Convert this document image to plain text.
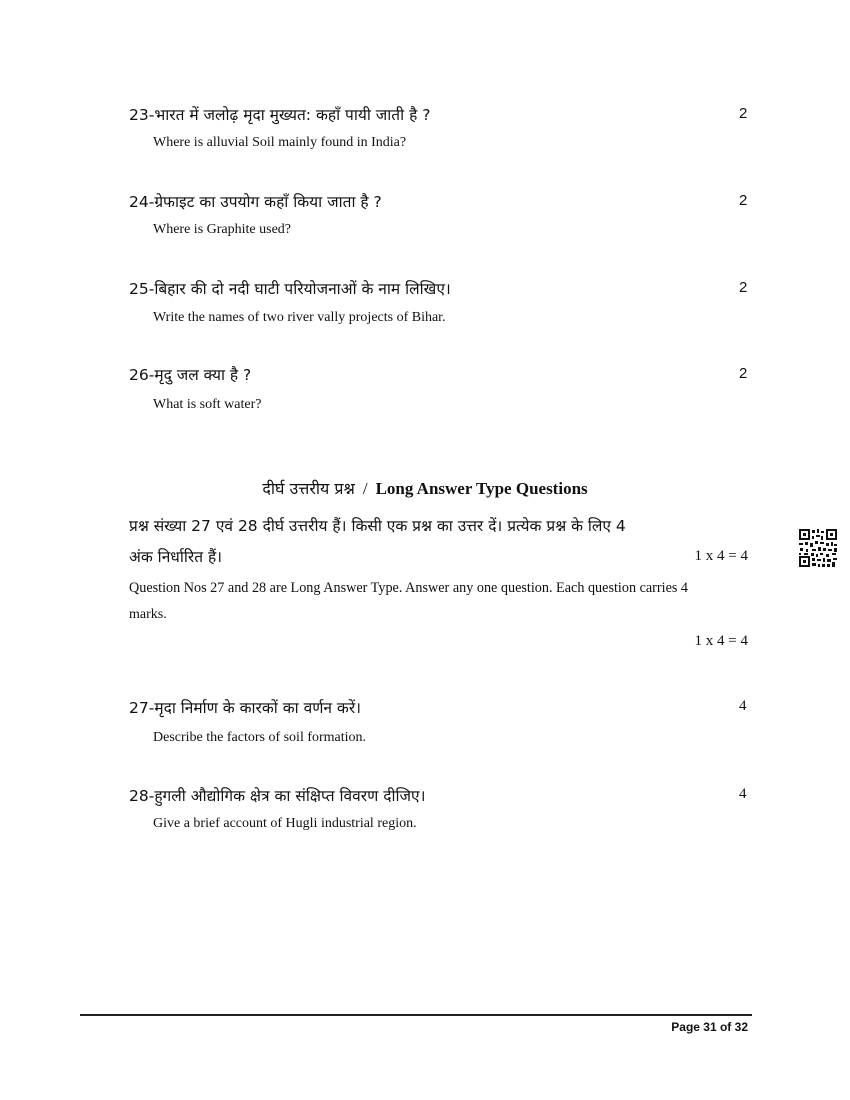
23-भारत में जलोढ़ मृदा मुख्यत: कहाँ पायी जाती है ?	2
Where is alluvial Soil mainly found in India?
24-ग्रेफाइट का उपयोग कहाँ किया जाता है ?	2
Where is Graphite used?
25-बिहार की दो नदी घाटी परियोजनाओं के नाम लिखिए।	2
Write the names of two river vally projects of Bihar.
26-मृदु जल क्या है ?	2
What is soft water?
दीर्घ उत्तरीय प्रश्न / Long Answer Type Questions
प्रश्न संख्या 27 एवं 28 दीर्घ उत्तरीय हैं। किसी एक प्रश्न का उत्तर दें। प्रत्येक प्रश्न के लिए 4
अंक निर्धारित हैं।	1 x 4 = 4
Question Nos 27 and 28 are Long Answer Type. Answer any one question. Each question carries 4
marks.
1 x 4 = 4
27-मृदा निर्माण के कारकों का वर्णन करें।	4
Describe the factors of soil formation.
28-हुगली औद्योगिक क्षेत्र का संक्षिप्त विवरण दीजिए।	4
Give a brief account of Hugli industrial region.
Page 31 of 32
